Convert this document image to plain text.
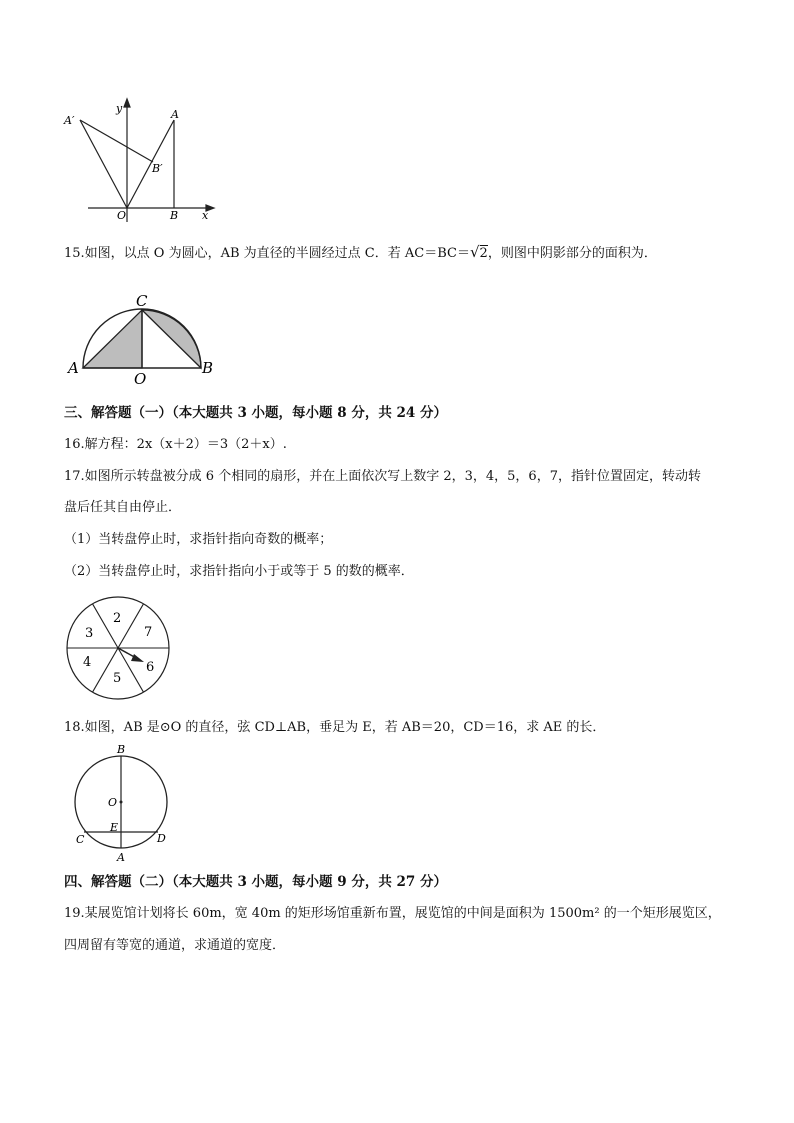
A′
y	A
B′
O	B x
15.如图，以点 O 为圆心，AB 为直径的半圆经过点 C．若 AC＝BC＝√2，则图中阴影部分的面积为．
C
A
O
B
三、解答题（一）（本大题共 3 小题，每小题 8 分，共 24 分）
16.解方程：2x（x＋2）＝3（2＋x）.
17.如图所示转盘被分成 6 个相同的扇形，并在上面依次写上数字 2，3，4，5，6，7，指针位置固定，转动转
盘后任其自由停止．
（1）当转盘停止时，求指针指向奇数的概率；
（2）当转盘停止时，求指针指向小于或等于 5 的数的概率．
2
7
6
5
4
3
18.如图，AB 是⊙O 的直径，弦 CD⊥AB，垂足为 E，若 AB＝20，CD＝16，求 AE 的长．
B
O
E
C	D
A
四、解答题（二）（本大题共 3 小题，每小题 9 分，共 27 分）
19.某展览馆计划将长 60m，宽 40m 的矩形场馆重新布置，展览馆的中间是面积为 1500m² 的一个矩形展览区，
四周留有等宽的通道，求通道的宽度．
